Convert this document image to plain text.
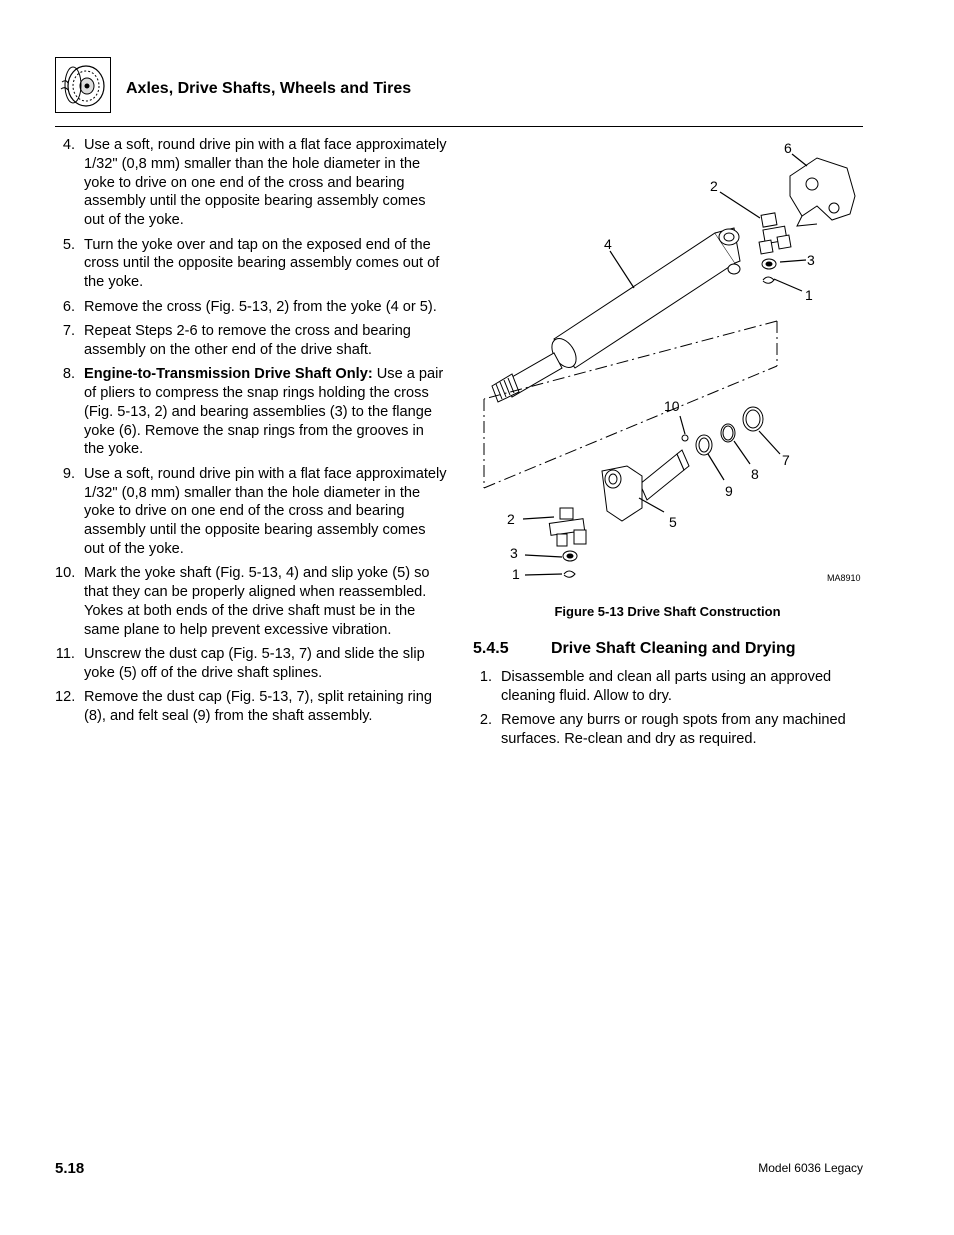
Axles, Drive Shafts, Wheels and Tires
4. Use a soft, round drive pin with a flat face approximately 1/32" (0,8 mm) smaller than the hole diameter in the yoke to drive on one end of the cross and bearing assembly until the opposite bearing assembly comes out of the yoke.
5. Turn the yoke over and tap on the exposed end of the cross until the opposite bearing assembly comes out of the yoke.
6. Remove the cross (Fig. 5-13, 2) from the yoke (4 or 5).
7. Repeat Steps 2-6 to remove the cross and bearing assembly on the other end of the drive shaft.
8. Engine-to-Transmission Drive Shaft Only: Use a pair of pliers to compress the snap rings holding the cross (Fig. 5-13, 2) and bearing assemblies (3) to the flange yoke (6). Remove the snap rings from the grooves in the yoke.
9. Use a soft, round drive pin with a flat face approximately 1/32" (0,8 mm) smaller than the hole diameter in the yoke to drive on one end of the cross and bearing assembly until the opposite bearing assembly comes out of the yoke.
10. Mark the yoke shaft (Fig. 5-13, 4) and slip yoke (5) so that they can be properly aligned when reassembled. Yokes at both ends of the drive shaft must be in the same plane to help prevent excessive vibration.
11. Unscrew the dust cap (Fig. 5-13, 7) and slide the slip yoke (5) off of the drive shaft splines.
12. Remove the dust cap (Fig. 5-13, 7), split retaining ring (8), and felt seal (9) from the shaft assembly.
6
2
4
3
1
10
7
8
9
2	5
3
1	MA8910
Figure 5-13 Drive Shaft Construction
5.4.5	Drive Shaft Cleaning and Drying
1. Disassemble and clean all parts using an approved cleaning fluid. Allow to dry.
2. Remove any burrs or rough spots from any machined surfaces. Re-clean and dry as required.
5.18	Model 6036 Legacy
